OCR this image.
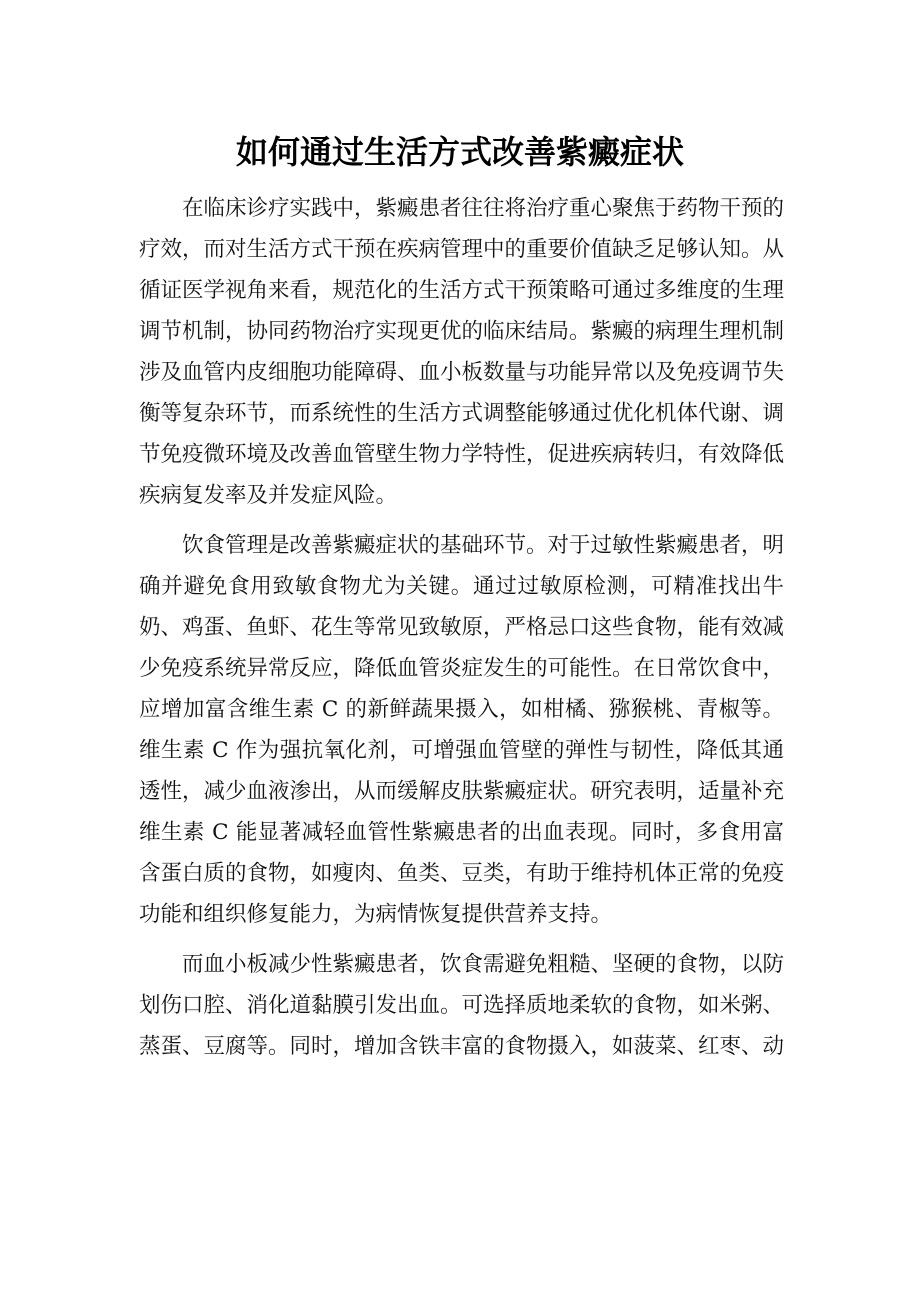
如何通过生活方式改善紫癜症状

在临床诊疗实践中，紫癜患者往往将治疗重心聚焦于药物干预的疗效，而对生活方式干预在疾病管理中的重要价值缺乏足够认知。从循证医学视角来看，规范化的生活方式干预策略可通过多维度的生理调节机制，协同药物治疗实现更优的临床结局。紫癜的病理生理机制涉及血管内皮细胞功能障碍、血小板数量与功能异常以及免疫调节失衡等复杂环节，而系统性的生活方式调整能够通过优化机体代谢、调节免疫微环境及改善血管壁生物力学特性，促进疾病转归，有效降低疾病复发率及并发症风险。

饮食管理是改善紫癜症状的基础环节。对于过敏性紫癜患者，明确并避免食用致敏食物尤为关键。通过过敏原检测，可精准找出牛奶、鸡蛋、鱼虾、花生等常见致敏原，严格忌口这些食物，能有效减少免疫系统异常反应，降低血管炎症发生的可能性。在日常饮食中，应增加富含维生素 C 的新鲜蔬果摄入，如柑橘、猕猴桃、青椒等。维生素 C 作为强抗氧化剂，可增强血管壁的弹性与韧性，降低其通透性，减少血液渗出，从而缓解皮肤紫癜症状。研究表明，适量补充维生素 C 能显著减轻血管性紫癜患者的出血表现。同时，多食用富含蛋白质的食物，如瘦肉、鱼类、豆类，有助于维持机体正常的免疫功能和组织修复能力，为病情恢复提供营养支持。

而血小板减少性紫癜患者，饮食需避免粗糙、坚硬的食物，以防划伤口腔、消化道黏膜引发出血。可选择质地柔软的食物，如米粥、蒸蛋、豆腐等。同时，增加含铁丰富的食物摄入，如菠菜、红枣、动
